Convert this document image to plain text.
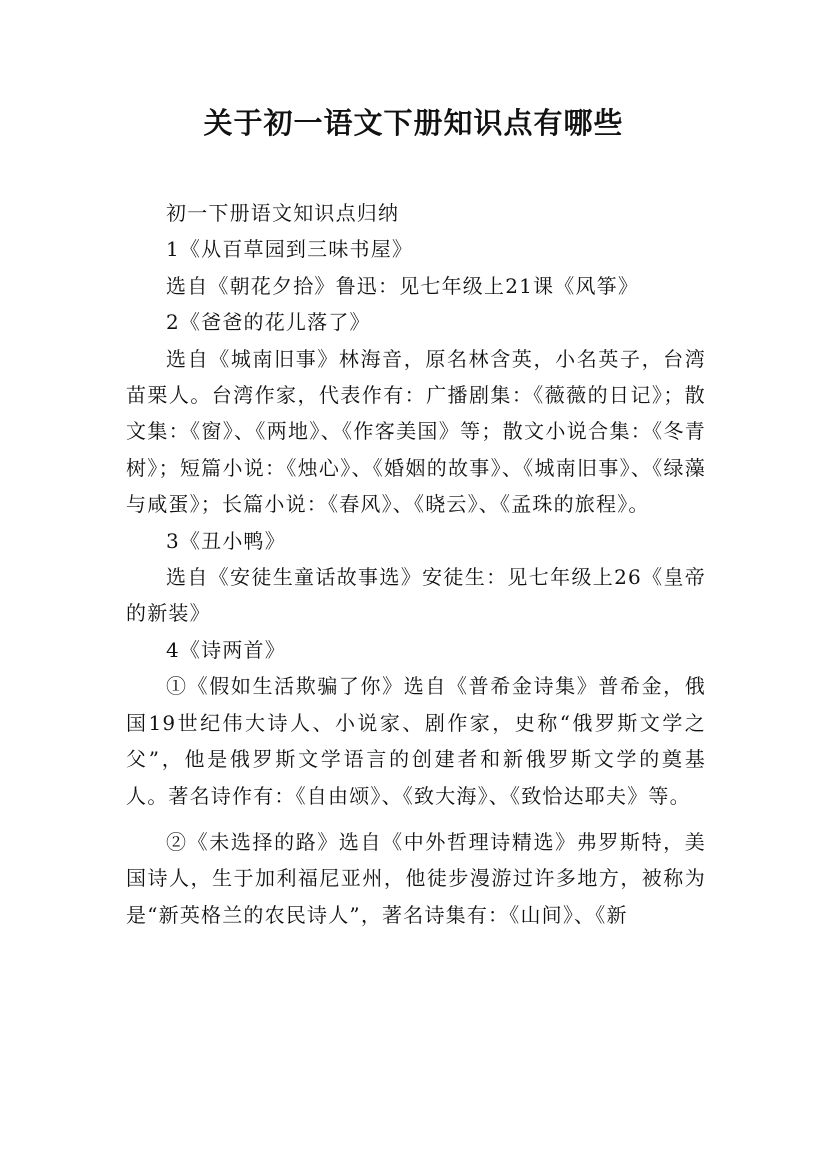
关于初一语文下册知识点有哪些

初一下册语文知识点归纳

1《从百草园到三味书屋》

选自《朝花夕拾》鲁迅：见七年级上21课《风筝》

2《爸爸的花儿落了》

选自《城南旧事》林海音，原名林含英，小名英子，台湾苗栗人。台湾作家，代表作有：广播剧集：《薇薇的日记》；散文集：《窗》、《两地》、《作客美国》等；散文小说合集：《冬青树》；短篇小说：《烛心》、《婚姻的故事》、《城南旧事》、《绿藻与咸蛋》；长篇小说：《春风》、《晓云》、《孟珠的旅程》。

3《丑小鸭》

选自《安徒生童话故事选》安徒生：见七年级上26《皇帝的新装》

4《诗两首》

①《假如生活欺骗了你》选自《普希金诗集》普希金，俄国19世纪伟大诗人、小说家、剧作家，史称“俄罗斯文学之父”，他是俄罗斯文学语言的创建者和新俄罗斯文学的奠基人。著名诗作有：《自由颂》、《致大海》、《致恰达耶夫》等。

②《未选择的路》选自《中外哲理诗精选》弗罗斯特，美国诗人，生于加利福尼亚州，他徒步漫游过许多地方，被称为是“新英格兰的农民诗人”，著名诗集有：《山间》、《新
